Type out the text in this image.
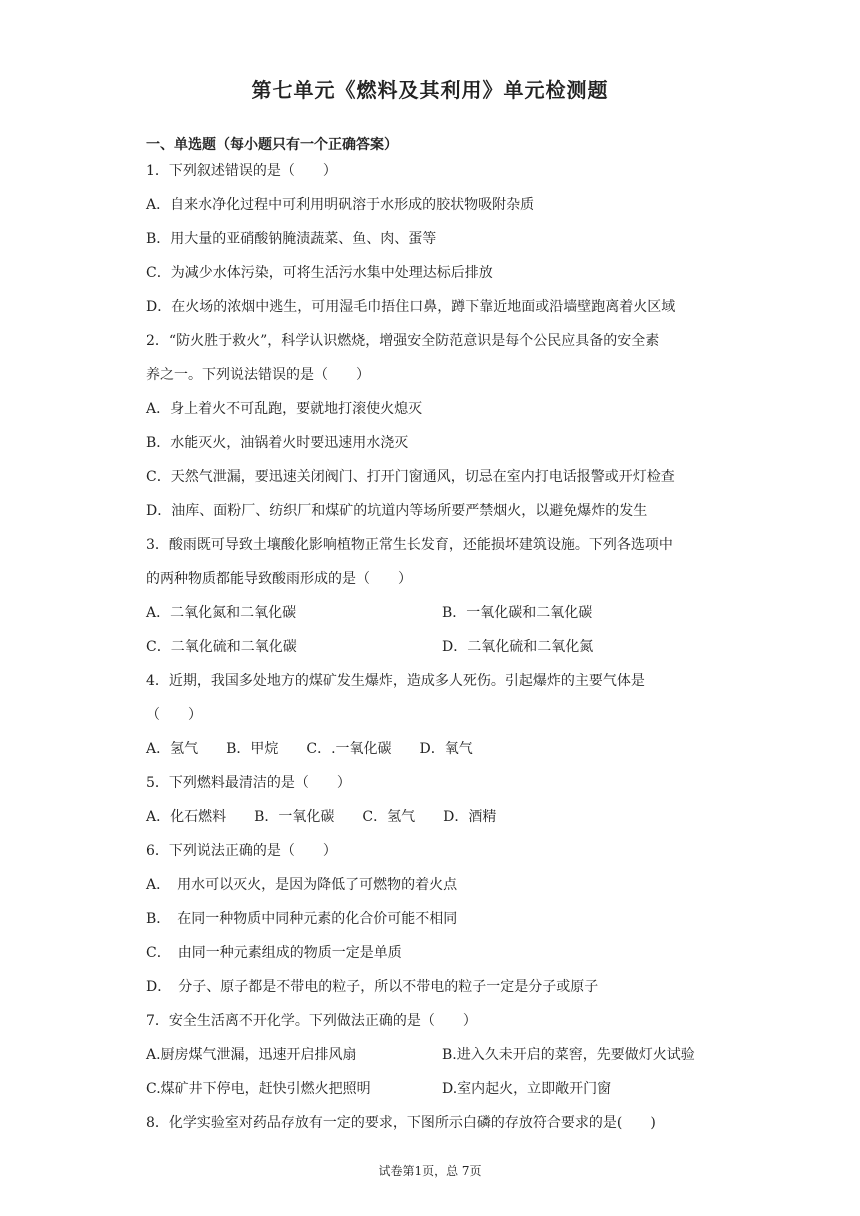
第七单元《燃料及其利用》单元检测题
一、单选题（每小题只有一个正确答案）
1．下列叙述错误的是（　　）
A．自来水净化过程中可利用明矾溶于水形成的胶状物吸附杂质
B．用大量的亚硝酸钠腌渍蔬菜、鱼、肉、蛋等
C．为减少水体污染，可将生活污水集中处理达标后排放
D．在火场的浓烟中逃生，可用湿毛巾捂住口鼻，蹲下靠近地面或沿墙壁跑离着火区域
2．“防火胜于救火”，科学认识燃烧，增强安全防范意识是每个公民应具备的安全素
养之一。下列说法错误的是（　　）
A．身上着火不可乱跑，要就地打滚使火熄灭
B．水能灭火，油锅着火时要迅速用水浇灭
C．天然气泄漏，要迅速关闭阀门、打开门窗通风，切忌在室内打电话报警或开灯检查
D．油库、面粉厂、纺织厂和煤矿的坑道内等场所要严禁烟火，以避免爆炸的发生
3．酸雨既可导致土壤酸化影响植物正常生长发育，还能损坏建筑设施。下列各选项中
的两种物质都能导致酸雨形成的是（　　）
A．二氧化氮和二氧化碳	B．一氧化碳和二氧化碳
C．二氧化硫和二氧化碳	D．二氧化硫和二氧化氮
4．近期，我国多处地方的煤矿发生爆炸，造成多人死伤。引起爆炸的主要气体是
（　　）
A．氢气　　B．甲烷　　C．.一氧化碳　　D．氧气
5．下列燃料最清洁的是（　　）
A．化石燃料　　B．一氧化碳　　C．氢气　　D．酒精
6．下列说法正确的是（　　）
A．　用水可以灭火，是因为降低了可燃物的着火点
B．　在同一种物质中同种元素的化合价可能不相同
C．　由同一种元素组成的物质一定是单质
D．　分子、原子都是不带电的粒子，所以不带电的粒子一定是分子或原子
7．安全生活离不开化学。下列做法正确的是（　　）
A.厨房煤气泄漏，迅速开启排风扇	B.进入久未开启的菜窖，先要做灯火试验
C.煤矿井下停电，赶快引燃火把照明	D.室内起火，立即敞开门窗
8．化学实验室对药品存放有一定的要求，下图所示白磷的存放符合要求的是(　　)
试卷第1页，总 7页
